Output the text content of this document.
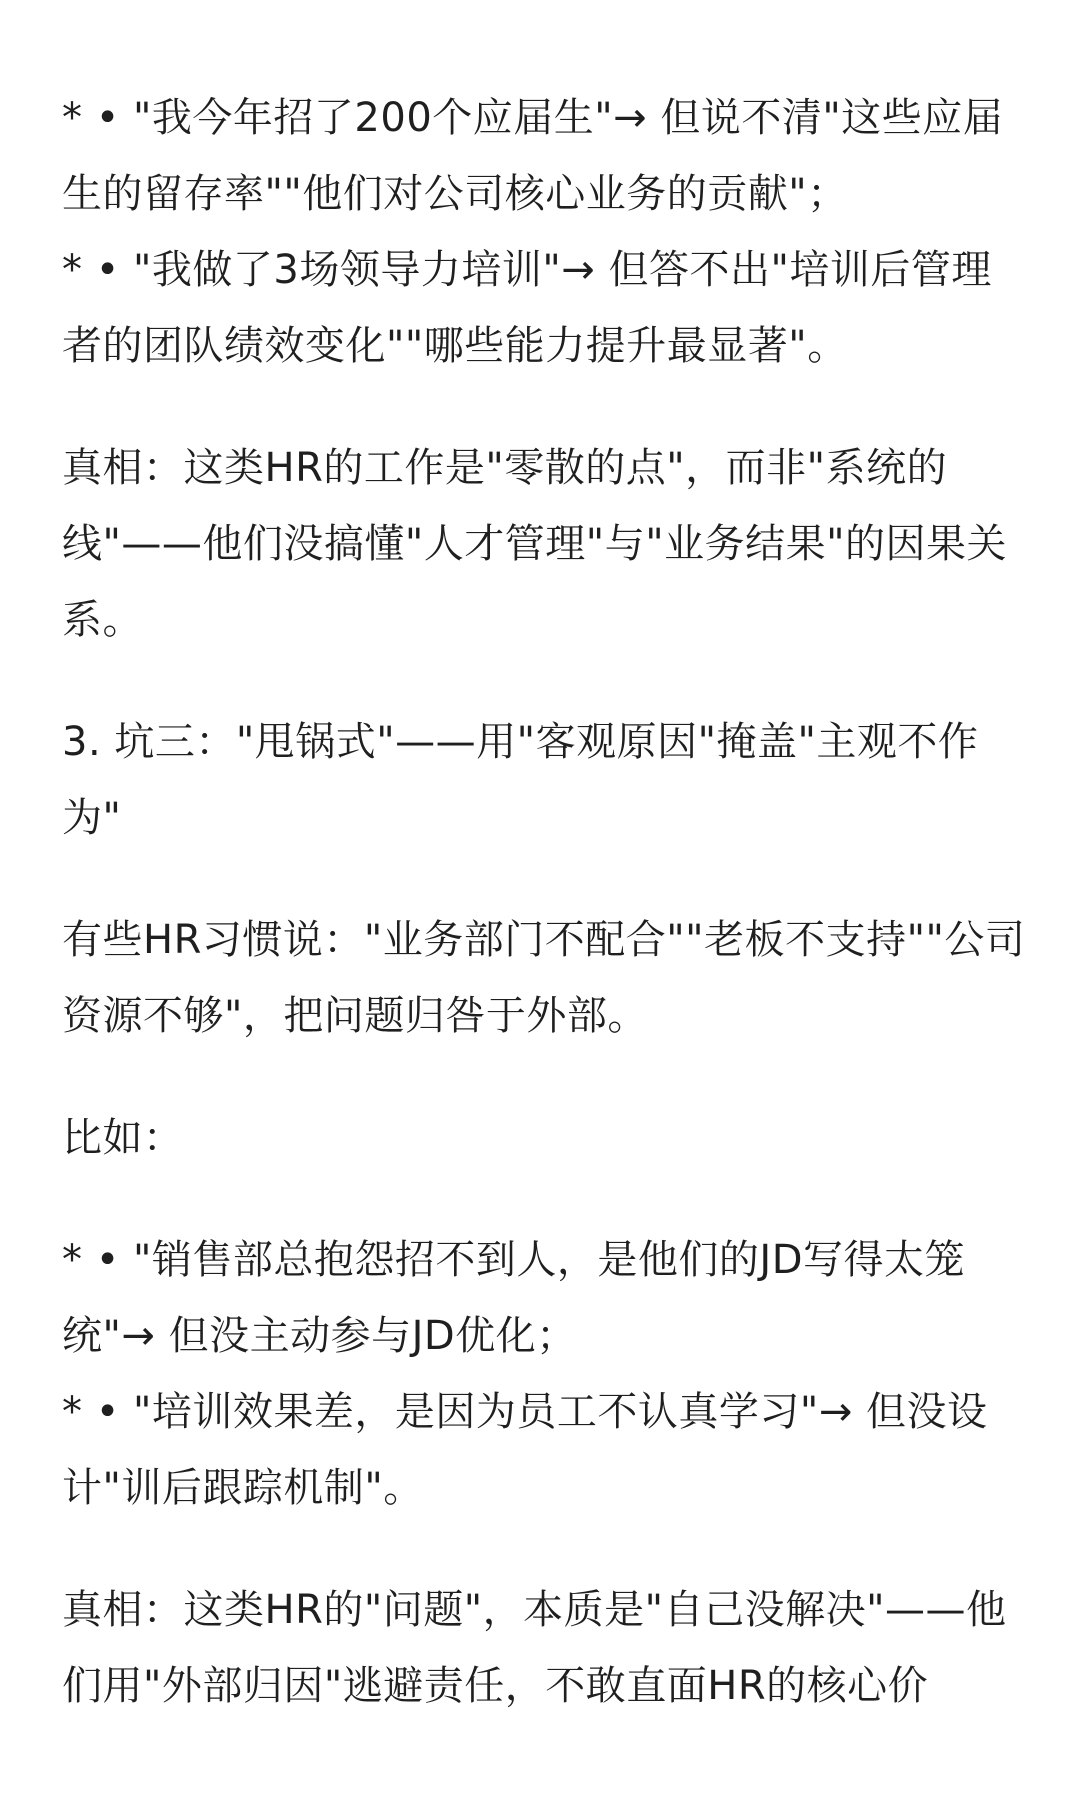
* • "我今年招了200个应届生"→ 但说不清"这些应届生的留存率""他们对公司核心业务的贡献"；

* • "我做了3场领导力培训"→ 但答不出"培训后管理者的团队绩效变化""哪些能力提升最显著"。

真相：这类HR的工作是"零散的点"，而非"系统的线"——他们没搞懂"人才管理"与"业务结果"的因果关系。

3. 坑三："甩锅式"——用"客观原因"掩盖"主观不作为"

有些HR习惯说："业务部门不配合""老板不支持""公司资源不够"，把问题归咎于外部。

比如：

* • "销售部总抱怨招不到人，是他们的JD写得太笼统"→ 但没主动参与JD优化；

* • "培训效果差，是因为员工不认真学习"→ 但没设计"训后跟踪机制"。

真相：这类HR的"问题"，本质是"自己没解决"——他们用"外部归因"逃避责任，不敢直面HR的核心价
